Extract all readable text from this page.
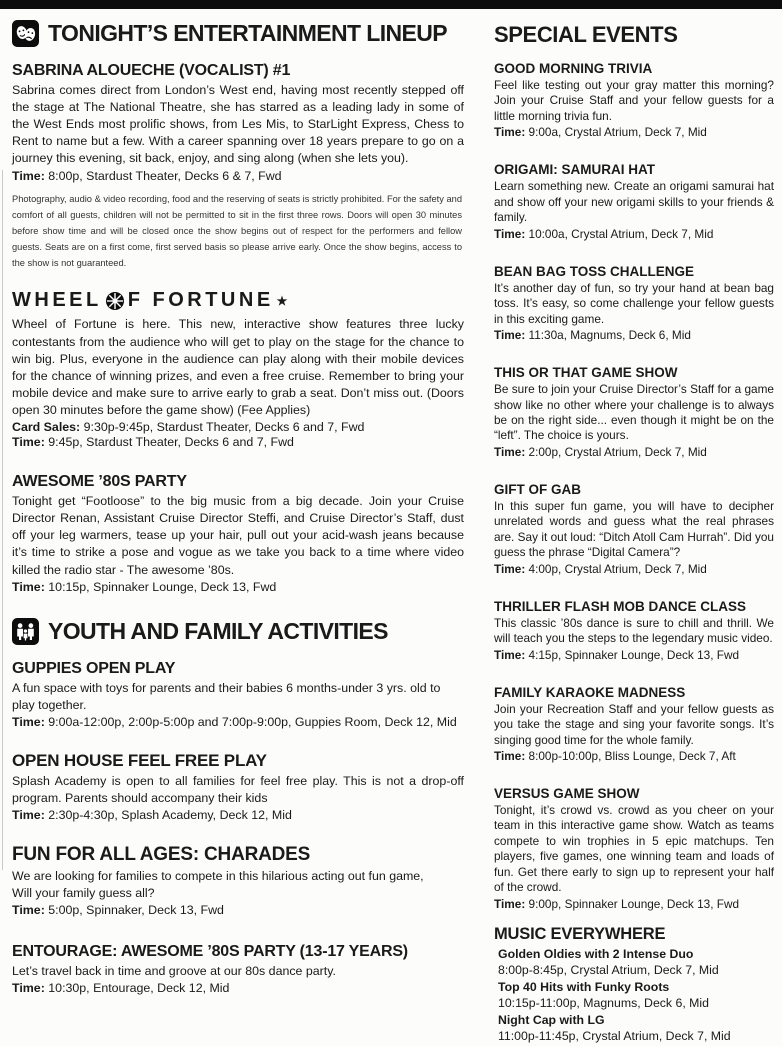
TONIGHT’S ENTERTAINMENT LINEUP
SABRINA ALOUECHE (VOCALIST) #1

Sabrina comes direct from London’s West end, having most recently stepped off the stage at The National Theatre, she has starred as a leading lady in some of the West Ends most prolific shows, from Les Mis, to StarLight Express, Chess to Rent to name but a few. With a career spanning over 18 years prepare to go on a journey this evening, sit back, enjoy, and sing along (when she lets you).

Time: 8:00p, Stardust Theater, Decks 6 & 7, Fwd

Photography, audio & video recording, food and the reserving of seats is strictly prohibited. For the safety and comfort of all guests, children will not be permitted to sit in the first three rows. Doors will open 30 minutes before show time and will be closed once the show begins out of respect for the performers and fellow guests. Seats are on a first come, first served basis so please arrive early. Once the show begins, access to the show is not guaranteed.

WHEEL F FORTUNE ★

Wheel of Fortune is here. This new, interactive show features three lucky contestants from the audience who will get to play on the stage for the chance to win big. Plus, everyone in the audience can play along with their mobile devices for the chance of winning prizes, and even a free cruise. Remember to bring your mobile device and make sure to arrive early to grab a seat. Don’t miss out. (Doors open 30 minutes before the game show) (Fee Applies)

Card Sales: 9:30p-9:45p, Stardust Theater, Decks 6 and 7, Fwd

Time: 9:45p, Stardust Theater, Decks 6 and 7, Fwd

AWESOME ’80S PARTY

Tonight get “Footloose” to the big music from a big decade. Join your Cruise Director Renan, Assistant Cruise Director Steffi, and Cruise Director’s Staff, dust off your leg warmers, tease up your hair, pull out your acid-wash jeans because it’s time to strike a pose and vogue as we take you back to a time where video killed the radio star - The awesome ’80s.

Time: 10:15p, Spinnaker Lounge, Deck 13, Fwd

YOUTH AND FAMILY ACTIVITIES
GUPPIES OPEN PLAY

A fun space with toys for parents and their babies 6 months-under 3 yrs. old to play together.

Time: 9:00a-12:00p, 2:00p-5:00p and 7:00p-9:00p, Guppies Room, Deck 12, Mid

OPEN HOUSE FEEL FREE PLAY

Splash Academy is open to all families for feel free play. This is not a drop-off program. Parents should accompany their kids

Time: 2:30p-4:30p, Splash Academy, Deck 12, Mid

FUN FOR ALL AGES: CHARADES

We are looking for families to compete in this hilarious acting out fun game,

Will your family guess all?

Time: 5:00p, Spinnaker, Deck 13, Fwd

ENTOURAGE: AWESOME ’80S PARTY (13-17 YEARS)

Let’s travel back in time and groove at our 80s dance party.

Time: 10:30p, Entourage, Deck 12, Mid

SPECIAL EVENTS
GOOD MORNING TRIVIA

Feel like testing out your gray matter this morning? Join your Cruise Staff and your fellow guests for a little morning trivia fun.

Time: 9:00a, Crystal Atrium, Deck 7, Mid

ORIGAMI: SAMURAI HAT

Learn something new. Create an origami samurai hat and show off your new origami skills to your friends & family.

Time: 10:00a, Crystal Atrium, Deck 7, Mid

BEAN BAG TOSS CHALLENGE

It’s another day of fun, so try your hand at bean bag toss. It’s easy, so come challenge your fellow guests in this exciting game.

Time: 11:30a, Magnums, Deck 6, Mid

THIS OR THAT GAME SHOW

Be sure to join your Cruise Director’s Staff for a game show like no other where your challenge is to always be on the right side... even though it might be on the “left”. The choice is yours.

Time: 2:00p, Crystal Atrium, Deck 7, Mid

GIFT OF GAB

In this super fun game, you will have to decipher unrelated words and guess what the real phrases are. Say it out loud: “Ditch Atoll Cam Hurrah”. Did you guess the phrase “Digital Camera”?

Time: 4:00p, Crystal Atrium, Deck 7, Mid

THRILLER FLASH MOB DANCE CLASS

This classic ’80s dance is sure to chill and thrill. We will teach you the steps to the legendary music video.

Time: 4:15p, Spinnaker Lounge, Deck 13, Fwd

FAMILY KARAOKE MADNESS

Join your Recreation Staff and your fellow guests as you take the stage and sing your favorite songs. It’s singing good time for the whole family.

Time: 8:00p-10:00p, Bliss Lounge, Deck 7, Aft

VERSUS GAME SHOW

Tonight, it’s crowd vs. crowd as you cheer on your team in this interactive game show. Watch as teams compete to win trophies in 5 epic matchups. Ten players, five games, one winning team and loads of fun. Get there early to sign up to represent your half of the crowd.

Time: 9:00p, Spinnaker Lounge, Deck 13, Fwd

MUSIC EVERYWHERE

Golden Oldies with 2 Intense Duo

8:00p-8:45p, Crystal Atrium, Deck 7, Mid

Top 40 Hits with Funky Roots

10:15p-11:00p, Magnums, Deck 6, Mid

Night Cap with LG

11:00p-11:45p, Crystal Atrium, Deck 7, Mid
